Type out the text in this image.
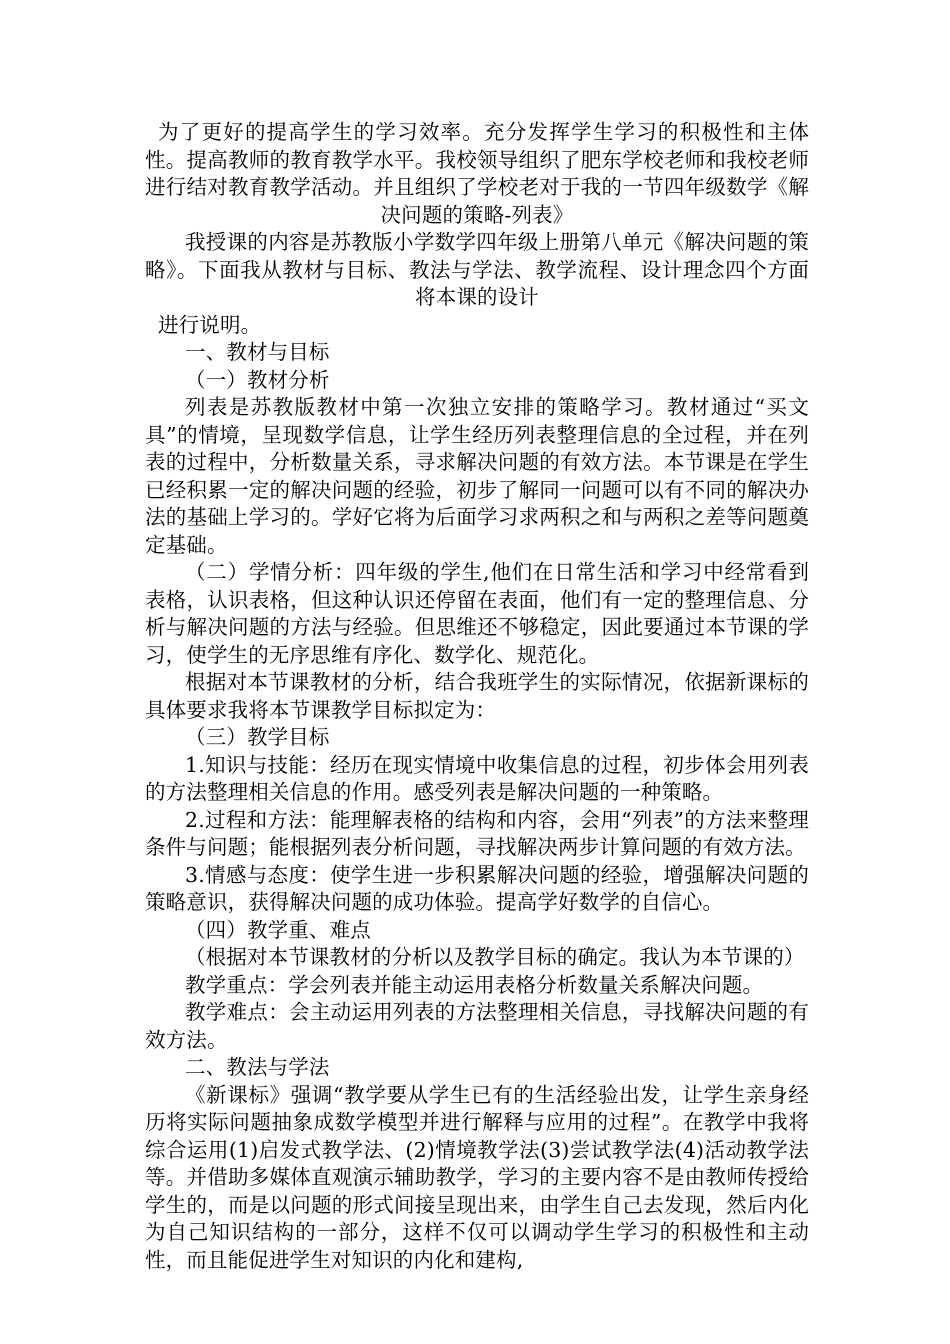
为了更好的提高学生的学习效率。充分发挥学生学习的积极性和主体性。提高教师的教育教学水平。我校领导组织了肥东学校老师和我校老师进行结对教育教学活动。并且组织了学校老对于我的一节四年级数学《解决问题的策略-列表》

我授课的内容是苏教版小学数学四年级上册第八单元《解决问题的策略》。下面我从教材与目标、教法与学法、教学流程、设计理念四个方面将本课的设计

进行说明。

一、教材与目标

（一）教材分析

列表是苏教版教材中第一次独立安排的策略学习。教材通过“买文具”的情境，呈现数学信息，让学生经历列表整理信息的全过程，并在列表的过程中，分析数量关系，寻求解决问题的有效方法。本节课是在学生已经积累一定的解决问题的经验，初步了解同一问题可以有不同的解决办法的基础上学习的。学好它将为后面学习求两积之和与两积之差等问题奠定基础。

（二）学情分析：四年级的学生,他们在日常生活和学习中经常看到表格，认识表格，但这种认识还停留在表面，他们有一定的整理信息、分析与解决问题的方法与经验。但思维还不够稳定，因此要通过本节课的学习，使学生的无序思维有序化、数学化、规范化。

根据对本节课教材的分析，结合我班学生的实际情况，依据新课标的具体要求我将本节课教学目标拟定为：

（三）教学目标

1.知识与技能：经历在现实情境中收集信息的过程，初步体会用列表的方法整理相关信息的作用。感受列表是解决问题的一种策略。

2.过程和方法：能理解表格的结构和内容，会用“列表”的方法来整理条件与问题；能根据列表分析问题，寻找解决两步计算问题的有效方法。

3.情感与态度：使学生进一步积累解决问题的经验，增强解决问题的策略意识，获得解决问题的成功体验。提高学好数学的自信心。

（四）教学重、难点

（根据对本节课教材的分析以及教学目标的确定。我认为本节课的）

教学重点：学会列表并能主动运用表格分析数量关系解决问题。

教学难点：会主动运用列表的方法整理相关信息，寻找解决问题的有效方法。

二、教法与学法

《新课标》强调“教学要从学生已有的生活经验出发，让学生亲身经历将实际问题抽象成数学模型并进行解释与应用的过程”。在教学中我将综合运用(1)启发式教学法、(2)情境教学法(3)尝试教学法(4)活动教学法等。并借助多媒体直观演示辅助教学，学习的主要内容不是由教师传授给学生的，而是以问题的形式间接呈现出来，由学生自己去发现，然后内化为自己知识结构的一部分，这样不仅可以调动学生学习的积极性和主动性，而且能促进学生对知识的内化和建构,
